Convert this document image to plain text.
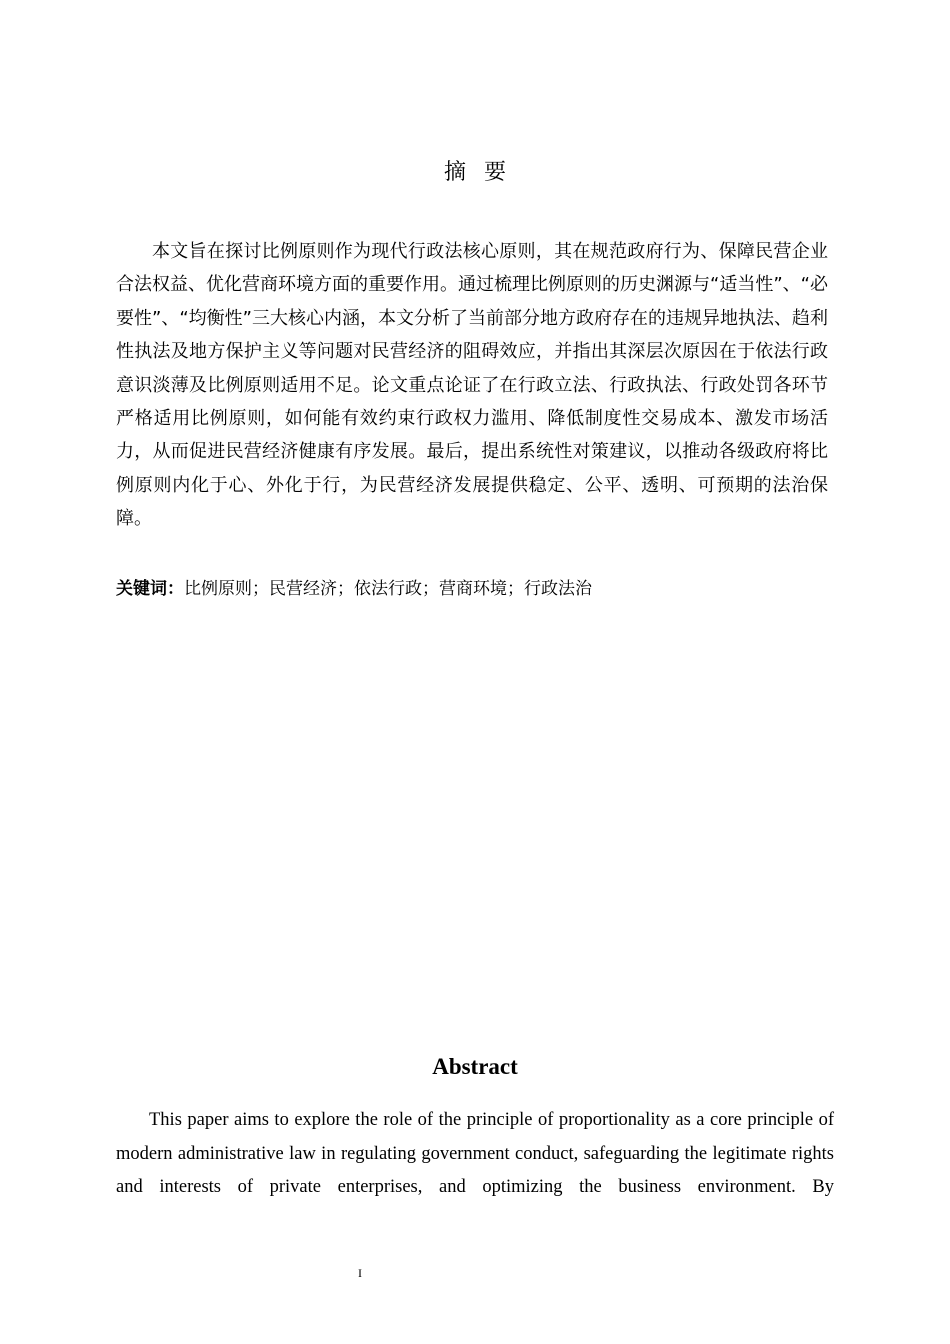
摘要

本文旨在探讨比例原则作为现代行政法核心原则，其在规范政府行为、保障民营企业合法权益、优化营商环境方面的重要作用。通过梳理比例原则的历史渊源与“适当性”、“必要性”、“均衡性”三大核心内涵，本文分析了当前部分地方政府存在的违规异地执法、趋利性执法及地方保护主义等问题对民营经济的阻碍效应，并指出其深层次原因在于依法行政意识淡薄及比例原则适用不足。论文重点论证了在行政立法、行政执法、行政处罚各环节严格适用比例原则，如何能有效约束行政权力滥用、降低制度性交易成本、激发市场活力，从而促进民营经济健康有序发展。最后，提出系统性对策建议，以推动各级政府将比例原则内化于心、外化于行，为民营经济发展提供稳定、公平、透明、可预期的法治保障。

关键词：比例原则；民营经济；依法行政；营商环境；行政法治

Abstract

This paper aims to explore the role of the principle of proportionality as a core principle of modern administrative law in regulating government conduct, safeguarding the legitimate rights and interests of private enterprises, and optimizing the business environment. By

I
